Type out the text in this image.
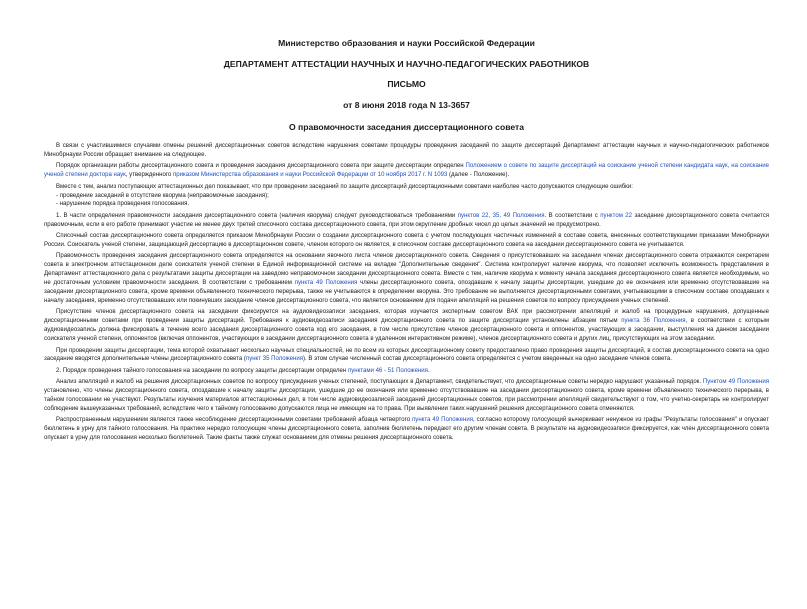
Министерство образования и науки Российской Федерации
ДЕПАРТАМЕНТ АТТЕСТАЦИИ НАУЧНЫХ И НАУЧНО-ПЕДАГОГИЧЕСКИХ РАБОТНИКОВ
ПИСЬМО
от 8 июня 2018 года N 13-3657
О правомочности заседания диссертационного совета

В связи с участившимися случаями отмены решений диссертационных советов вследствие нарушения советами процедуры проведения заседаний по защите диссертаций Департамент аттестации научных и научно-педагогических работников Минобрнауки России обращает внимание на следующее.

Порядок организации работы диссертационного совета и проведения заседания диссертационного совета при защите диссертации определен Положением о совете по защите диссертаций на соискание ученой степени кандидата наук, на соискание ученой степени доктора наук, утвержденного приказом Министерства образования и науки Российской Федерации от 10 ноября 2017 г. N 1093 (далее - Положение).

Вместе с тем, анализ поступающих аттестационных дел показывает, что при проведении заседаний по защите диссертаций диссертационными советами наиболее часто допускаются следующие ошибки:

- проведение заседаний в отсутствие кворума (неправомочные заседания);

- нарушение порядка проведения голосования.

1. В части определения правомочности заседания диссертационного совета (наличия кворума) следует руководствоваться требованиями пунктов 22, 35, 49 Положения. В соответствии с пунктом 22 заседание диссертационного совета считается правомочным, если в его работе принимают участие не менее двух третей списочного состава диссертационного совета, при этом округление дробных чисел до целых значений не предусмотрено.

Списочный состав диссертационного совета определяется приказом Минобрнауки России о создании диссертационного совета с учетом последующих частичных изменений в составе совета, внесенных соответствующими приказами Минобрнауки России. Соискатель ученой степени, защищающий диссертацию в диссертационном совете, членом которого он является, в списочном составе диссертационного совета на заседании диссертационного совета не учитывается.

Правомочность проведения заседания диссертационного совета определяется на основании явочного листа членов диссертационного совета. Сведения о присутствовавших на заседании членах диссертационного совета отражаются секретарем совета в электронном аттестационном деле соискателя ученой степени в Единой информационной системе на вкладке "Дополнительные сведения". Система контролирует наличие кворума, что позволяет исключить возможность представления в Департамент аттестационного дела с результатами защиты диссертации на заведомо неправомочном заседании диссертационного совета. Вместе с тем, наличие кворума к моменту начала заседания диссертационного совета является необходимым, но не достаточным условием правомочности заседания. В соответствии с требованием пункта 49 Положения члены диссертационного совета, опоздавшие к началу защиты диссертации, ушедшие до ее окончания или временно отсутствовавшие на заседании диссертационного совета, кроме времени объявленного технического перерыва, также не учитываются в определении кворума. Это требование не выполняется диссертационными советами, учитывающими в списочном составе опоздавших к началу заседания, временно отсутствовавших или покинувших заседание членов диссертационного совета, что является основанием для подачи апелляций на решения советов по вопросу присуждения ученых степеней.

Присутствие членов диссертационного совета на заседании фиксируется на аудиовидеозаписи заседания, которая изучается экспертным советом ВАК при рассмотрении апелляций и жалоб на процедурные нарушения, допущенные диссертационными советами при проведении защиты диссертаций. Требования к аудиовидеозаписи заседания диссертационного совета по защите диссертации установлены абзацем пятым пункта 36 Положения, в соответствии с которым аудиовидеозапись должна фиксировать в течение всего заседания диссертационного совета ход его заседания, в том числе присутствие членов диссертационного совета и оппонентов, участвующих в заседании, выступления на данном заседании соискателя ученой степени, оппонентов (включая оппонентов, участвующих в заседании диссертационного совета в удаленном интерактивном режиме), членов диссертационного совета и других лиц, присутствующих на этом заседании.

При проведении защиты диссертации, тема которой охватывает несколько научных специальностей, не по всем из которых диссертационному совету предоставлено право проведения защиты диссертаций, в состав диссертационного совета на одно заседание вводятся дополнительные члены диссертационного совета (пункт 35 Положения). В этом случае численный состав диссертационного совета определяется с учетом введенных на одно заседание членов совета.

2. Порядок проведения тайного голосования на заседании по вопросу защиты диссертации определен пунктами 46 - 51 Положения.

Анализ апелляций и жалоб на решения диссертационных советов по вопросу присуждения ученых степеней, поступающих в Департамент, свидетельствует, что диссертационные советы нередко нарушают указанный порядок. Пунктом 49 Положения установлено, что члены диссертационного совета, опоздавшие к началу защиты диссертации, ушедшие до ее окончания или временно отсутствовавшие на заседании диссертационного совета, кроме времени объявленного технического перерыва, в тайном голосовании не участвуют. Результаты изучения материалов аттестационных дел, в том числе аудиовидеозаписей заседаний диссертационных советов, при рассмотрении апелляций свидетельствуют о том, что учетно-секретарь не контролирует соблюдение вышеуказанных требований, вследствие чего к тайному голосованию допускаются лица не имеющие на то права. При выявлении таких нарушений решения диссертационного совета отменяются.

Распространенным нарушением является также несоблюдение диссертационными советами требований абзаца четвертого пункта 49 Положения, согласно которому голосующий вычеркивает ненужное из графы "Результаты голосования" и опускает бюллетень в урну для тайного голосования. На практике нередко голосующие члены диссертационного совета, заполнив бюллетень передают его другим членам совета. В результате на аудиовидеозаписи фиксируется, как член диссертационного совета опускает в урну для голосования несколько бюллетеней. Такие факты также служат основанием для отмены решения диссертационного совета.
